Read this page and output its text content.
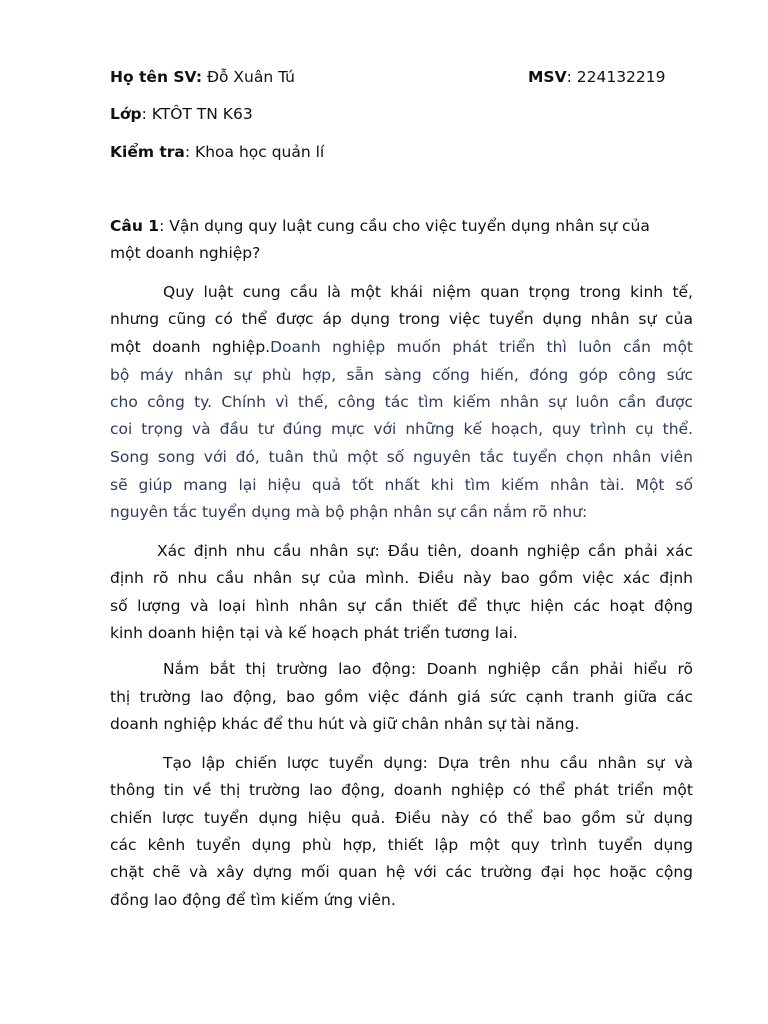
Họ tên SV: Đỗ Xuân Tú	MSV: 224132219
Lớp: KTÔT TN K63
Kiểm tra: Khoa học quản lí
Câu 1: Vận dụng quy luật cung cầu cho việc tuyển dụng nhân sự của
một doanh nghiệp?
Quy luật cung cầu là một khái niệm quan trọng trong kinh tế,
nhưng cũng có thể được áp dụng trong việc tuyển dụng nhân sự của
một doanh nghiệp.Doanh nghiệp muốn phát triển thì luôn cần một
bộ máy nhân sự phù hợp, sẵn sàng cống hiến, đóng góp công sức
cho công ty. Chính vì thế, công tác tìm kiếm nhân sự luôn cần được
coi trọng và đầu tư đúng mực với những kế hoạch, quy trình cụ thể.
Song song với đó, tuân thủ một số nguyên tắc tuyển chọn nhân viên
sẽ giúp mang lại hiệu quả tốt nhất khi tìm kiếm nhân tài. Một số
nguyên tắc tuyển dụng mà bộ phận nhân sự cần nắm rõ như:
Xác định nhu cầu nhân sự: Đầu tiên, doanh nghiệp cần phải xác
định rõ nhu cầu nhân sự của mình. Điều này bao gồm việc xác định
số lượng và loại hình nhân sự cần thiết để thực hiện các hoạt động
kinh doanh hiện tại và kế hoạch phát triển tương lai.
Nắm bắt thị trường lao động: Doanh nghiệp cần phải hiểu rõ
thị trường lao động, bao gồm việc đánh giá sức cạnh tranh giữa các
doanh nghiệp khác để thu hút và giữ chân nhân sự tài năng.
Tạo lập chiến lược tuyển dụng: Dựa trên nhu cầu nhân sự và
thông tin về thị trường lao động, doanh nghiệp có thể phát triển một
chiến lược tuyển dụng hiệu quả. Điều này có thể bao gồm sử dụng
các kênh tuyển dụng phù hợp, thiết lập một quy trình tuyển dụng
chặt chẽ và xây dựng mối quan hệ với các trường đại học hoặc cộng
đồng lao động để tìm kiếm ứng viên.
